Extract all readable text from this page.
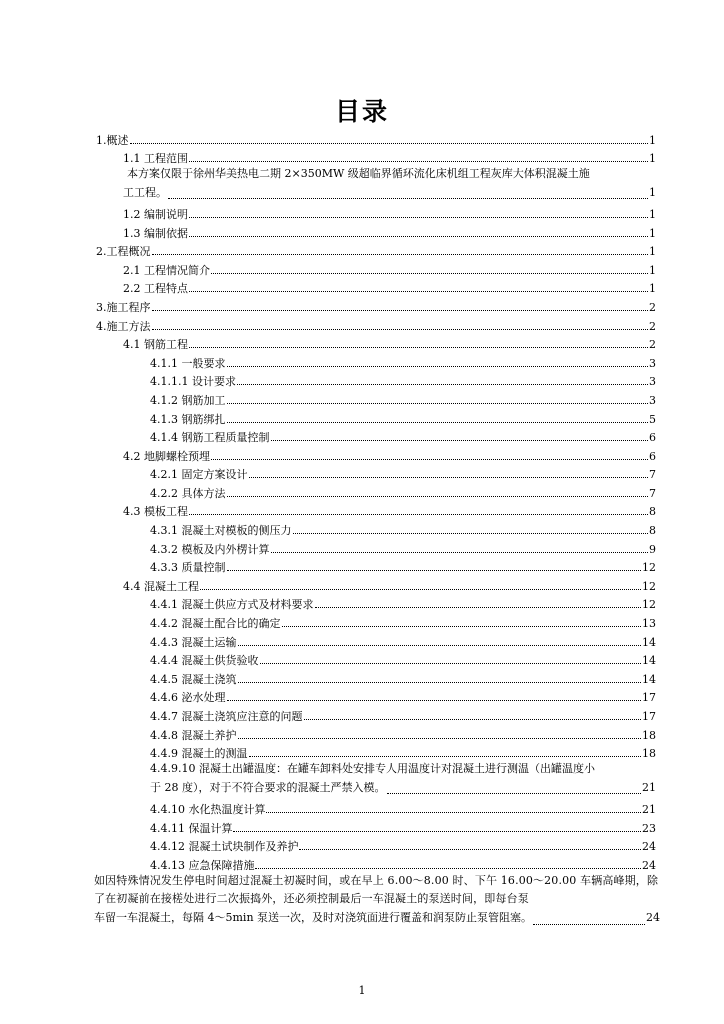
目录
1.概述	1
1.1 工程范围	1
本方案仅限于徐州华美热电二期 2×350MW 级超临界循环流化床机组工程灰库大体积混凝土施
工工程。	1
1.2 编制说明	1
1.3 编制依据	1
2.工程概况	1
2.1 工程情况简介	1
2.2 工程特点	1
3.施工程序	2
4.施工方法	2
4.1 钢筋工程	2
4.1.1 一般要求	3
4.1.1.1 设计要求	3
4.1.2 钢筋加工	3
4.1.3 钢筋绑扎	5
4.1.4 钢筋工程质量控制	6
4.2 地脚螺栓预埋	6
4.2.1 固定方案设计	7
4.2.2 具体方法	7
4.3 模板工程	8
4.3.1 混凝土对模板的侧压力	8
4.3.2 模板及内外楞计算	9
4.3.3 质量控制	12
4.4 混凝土工程	12
4.4.1 混凝土供应方式及材料要求	12
4.4.2 混凝土配合比的确定	13
4.4.3 混凝土运输	14
4.4.4 混凝土供货验收	14
4.4.5 混凝土浇筑	14
4.4.6 泌水处理	17
4.4.7 混凝土浇筑应注意的问题	17
4.4.8 混凝土养护	18
4.4.9 混凝土的测温	18
4.4.9.10 混凝土出罐温度：在罐车卸料处安排专人用温度计对混凝土进行测温（出罐温度小
于 28 度），对于不符合要求的混凝土严禁入模。	21
4.4.10 水化热温度计算	21
4.4.11 保温计算	23
4.4.12 混凝土试块制作及养护	24
4.4.13 应急保障措施	24
如因特殊情况发生停电时间超过混凝土初凝时间，或在早上 6.00～8.00 时、下午 16.00～20.00 车辆高峰期，除了在初凝前在接槎处进行二次振捣外，还必须控制最后一车混凝土的泵送时间，即每台泵
车留一车混凝土，每隔 4～5min 泵送一次，及时对浇筑面进行覆盖和润泵防止泵管阻塞。	24
1
